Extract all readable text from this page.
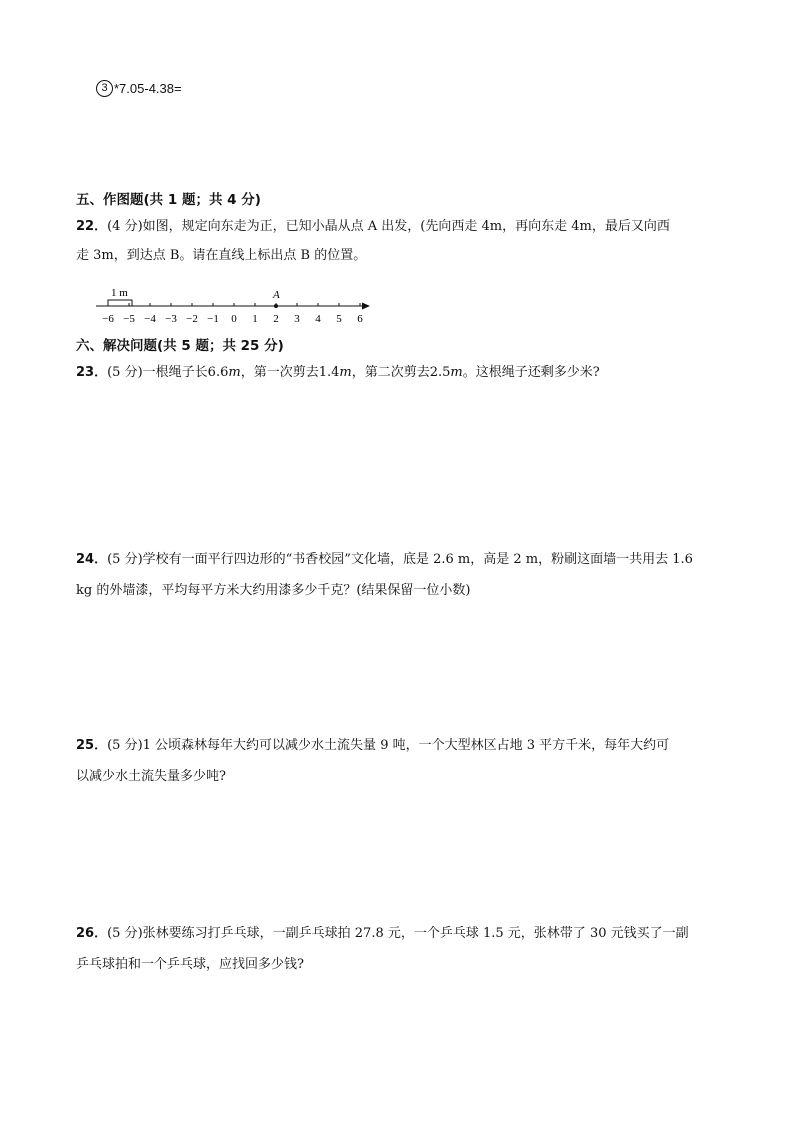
3 *7.05-4.38=
五、作图题(共 1 题；共 4 分)
22．(4 分)如图，规定向东走为正，已知小晶从点 A 出发，(先向西走 4m，再向东走 4m，最后又向西
走 3m，到达点 B。请在直线上标出点 B 的位置。
1 m
−6 −5 −4 −3 −2 −1 0 1 2 3 4 5 6
A
六、解决问题(共 5 题；共 25 分)
23．(5 分)一根绳子长6.6m，第一次剪去1.4m，第二次剪去2.5m。这根绳子还剩多少米?
24．(5 分)学校有一面平行四边形的“书香校园”文化墙，底是 2.6 m，高是 2 m，粉刷这面墙一共用去 1.6
kg 的外墙漆，平均每平方米大约用漆多少千克？(结果保留一位小数)
25．(5 分)1 公顷森林每年大约可以减少水土流失量 9 吨，一个大型林区占地 3 平方千米，每年大约可
以减少水土流失量多少吨?
26．(5 分)张林要练习打乒乓球，一副乒乓球拍 27.8 元，一个乒乓球 1.5 元，张林带了 30 元钱买了一副
乒乓球拍和一个乒乓球，应找回多少钱?
